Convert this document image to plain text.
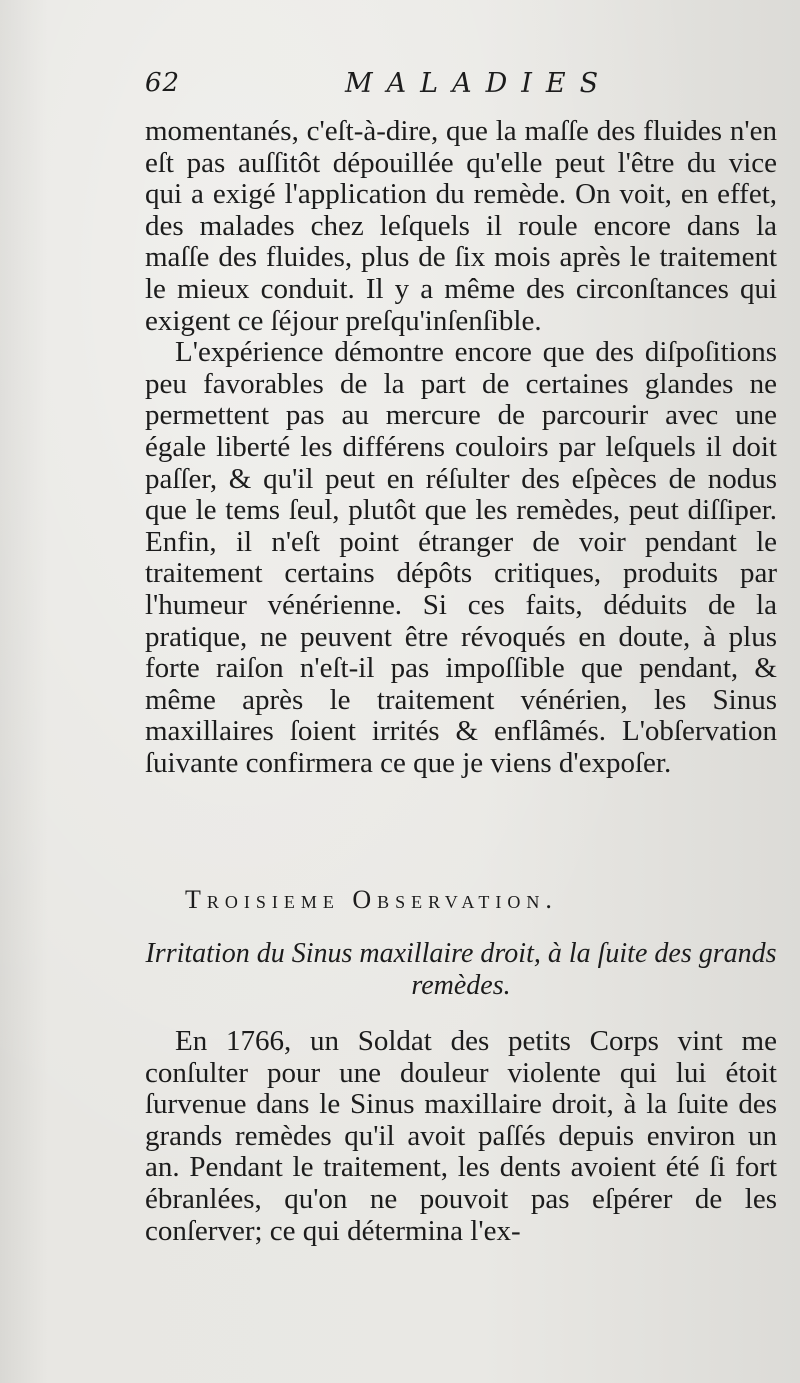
62	MALADIES

momentanés, c'eſt-à-dire, que la maſſe des fluides n'en eſt pas auſſitôt dépouillée qu'elle peut l'être du vice qui a exigé l'application du remède. On voit, en effet, des malades chez leſquels il roule encore dans la maſſe des fluides, plus de ſix mois après le traitement le mieux conduit. Il y a même des circonſtances qui exigent ce ſéjour preſqu'inſenſible.

L'expérience démontre encore que des diſpoſitions peu favorables de la part de certaines glandes ne permettent pas au mercure de parcourir avec une égale liberté les différens couloirs par leſquels il doit paſſer, & qu'il peut en réſulter des eſpèces de nodus que le tems ſeul, plutôt que les remèdes, peut diſſiper. Enfin, il n'eſt point étranger de voir pendant le traitement certains dépôts critiques, produits par l'humeur vénérienne. Si ces faits, déduits de la pratique, ne peuvent être révoqués en doute, à plus forte raiſon n'eſt-il pas impoſſible que pendant, & même après le traitement vénérien, les Sinus maxillaires ſoient irrités & enflâmés. L'obſervation ſuivante confirmera ce que je viens d'expoſer.

Troisieme Observation.
Irritation du Sinus maxillaire droit, à la ſuite des grands remèdes.

En 1766, un Soldat des petits Corps vint me conſulter pour une douleur violente qui lui étoit ſurvenue dans le Sinus maxillaire droit, à la ſuite des grands remèdes qu'il avoit paſſés depuis environ un an. Pendant le traitement, les dents avoient été ſi fort ébranlées, qu'on ne pouvoit pas eſpérer de les conſerver; ce qui détermina l'ex-
